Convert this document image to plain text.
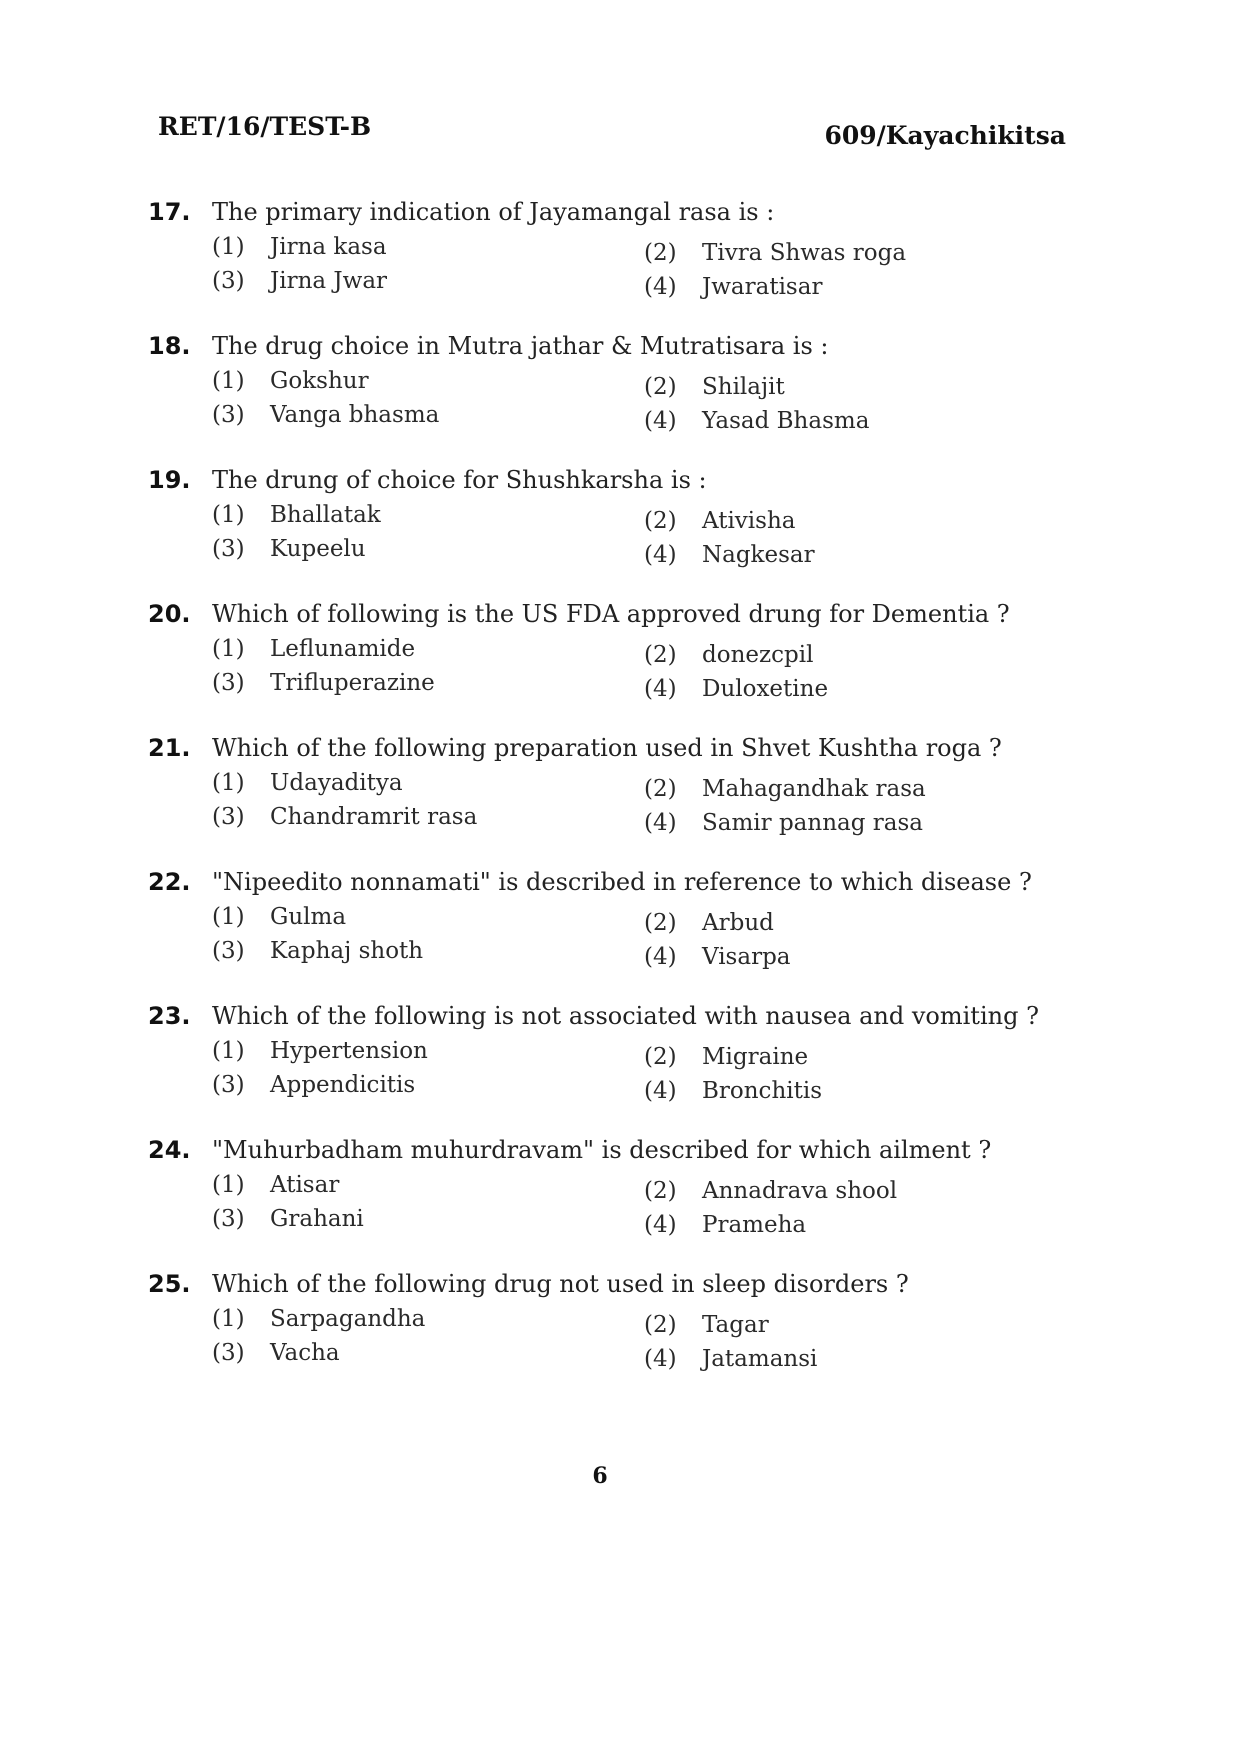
RET/16/TEST-B	609/Kayachikitsa
17. The primary indication of Jayamangal rasa is :
(1) Jirna kasa	(2) Tivra Shwas roga
(3) Jirna Jwar	(4) Jwaratisar
18. The drug choice in Mutra jathar & Mutratisara is :
(1) Gokshur	(2) Shilajit
(3) Vanga bhasma	(4) Yasad Bhasma
19. The drung of choice for Shushkarsha is :
(1) Bhallatak	(2) Ativisha
(3) Kupeelu	(4) Nagkesar
20. Which of following is the US FDA approved drung for Dementia ?
(1) Leflunamide	(2) donezcpil
(3) Trifluperazine	(4) Duloxetine
21. Which of the following preparation used in Shvet Kushtha roga ?
(1) Udayaditya	(2) Mahagandhak rasa
(3) Chandramrit rasa	(4) Samir pannag rasa
22. "Nipeedito nonnamati" is described in reference to which disease ?
(1) Gulma	(2) Arbud
(3) Kaphaj shoth	(4) Visarpa
23. Which of the following is not associated with nausea and vomiting ?
(1) Hypertension	(2) Migraine
(3) Appendicitis	(4) Bronchitis
24. "Muhurbadham muhurdravam" is described for which ailment ?
(1) Atisar	(2) Annadrava shool
(3) Grahani	(4) Prameha
25. Which of the following drug not used in sleep disorders ?
(1) Sarpagandha	(2) Tagar
(3) Vacha	(4) Jatamansi
6
